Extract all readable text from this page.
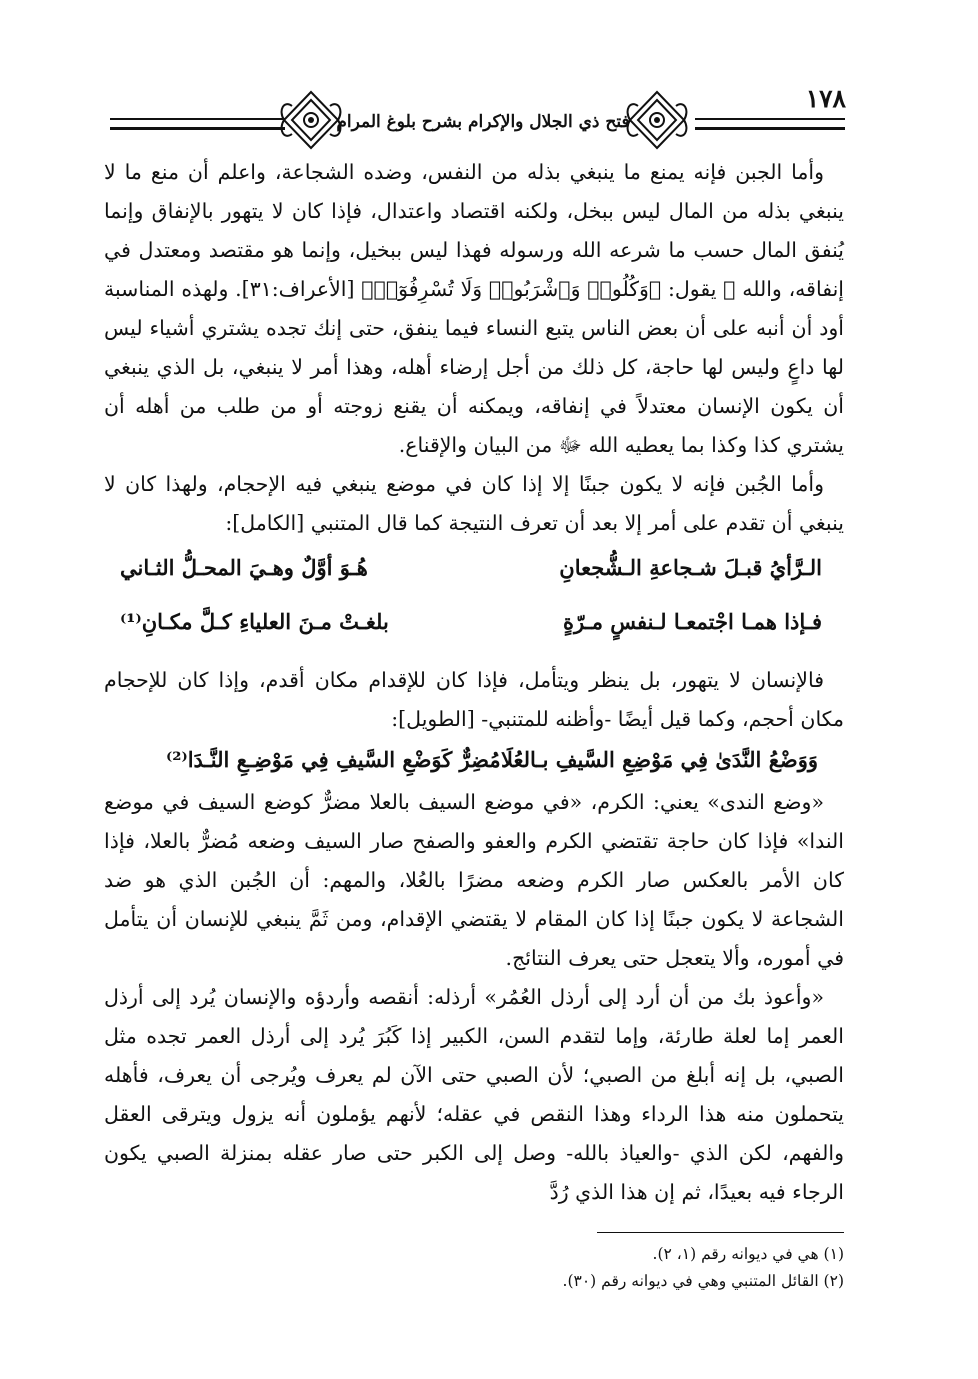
١٧٨
فتح ذي الجلال والإكرام بشرح بلوغ المرام

وأما الجبن فإنه يمنع ما ينبغي بذله من النفس، وضده الشجاعة، واعلم أن منع ما لا ينبغي بذله من المال ليس ببخل، ولكنه اقتصاد واعتدال، فإذا كان لا يتهور بالإنفاق وإنما يُنفق المال حسب ما شرعه الله ورسوله فهذا ليس ببخيل، وإنما هو مقتصد ومعتدل في إنفاقه، والله ﷻ يقول: ﴿وَكُلُوا۟ وَٱشْرَبُوا۟ وَلَا تُسْرِفُوٓا۟﴾ [الأعراف:٣١]. ولهذه المناسبة أود أن أنبه على أن بعض الناس يتبع النساء فيما ينفق، حتى إنك تجده يشتري أشياء ليس لها داعٍ وليس لها حاجة، كل ذلك من أجل إرضاء أهله، وهذا أمر لا ينبغي، بل الذي ينبغي أن يكون الإنسان معتدلاً في إنفاقه، ويمكنه أن يقنع زوجته أو من طلب من أهله أن يشتري كذا وكذا بما يعطيه الله ﷻ من البيان والإقناع.

وأما الجُبن فإنه لا يكون جبنًا إلا إذا كان في موضع ينبغي فيه الإحجام، ولهذا كان لا ينبغي أن تقدم على أمر إلا بعد أن تعرف النتيجة كما قال المتنبي [الكامل]:

الـرَّأيُ قبـلَ شـجاعةِ الـشُّجعانِ
هُـوَ أوَّلٌ وهـيَ المحـلُّ الثـاني
فـإذا همـا اجْتمعـا لـنفسٍ مـرّةٍ
بلغـتْ مـنَ العلياءِ كـلَّ مكـانِ⁽¹⁾

فالإنسان لا يتهور، بل ينظر ويتأمل، فإذا كان للإقدام مكان أقدم، وإذا كان للإحجام مكان أحجم، وكما قيل أيضًا -وأظنه للمتنبي- [الطويل]:

وَوَضْعُ النَّدَىٰ فِي مَوْضِعِ السَّيفِ بـالعُلَا
مُضِرٌّ كَوَضْعِ السَّيفِ فِي مَوْضِـعِ النَّـدَا⁽²⁾

«وضع الندى» يعني: الكرم، «في موضع السيف بالعلا مضرٌّ كوضع السيف في موضع الندا» فإذا كان حاجة تقتضي الكرم والعفو والصفح صار السيف وضعه مُضرٌّ بالعلا، فإذا كان الأمر بالعكس صار الكرم وضعه مضرًا بالعُلا، والمهم: أن الجُبن الذي هو ضد الشجاعة لا يكون جبنًا إذا كان المقام لا يقتضي الإقدام، ومن ثَمَّ ينبغي للإنسان أن يتأمل في أموره، وألا يتعجل حتى يعرف النتائج.

«وأعوذ بك من أن أرد إلى أرذل العُمُر» أرذله: أنقصه وأردؤه والإنسان يُرد إلى أرذل العمر إما لعلة طارئة، وإما لتقدم السن، الكبير إذا كَبُرَ يُرد إلى أرذل العمر تجده مثل الصبي، بل إنه أبلغ من الصبي؛ لأن الصبي حتى الآن لم يعرف ويُرجى أن يعرف، فأهله يتحملون منه هذا الرداء وهذا النقص في عقله؛ لأنهم يؤملون أنه يزول ويترقى العقل والفهم، لكن الذي -والعياذ بالله- وصل إلى الكبر حتى صار عقله بمنزلة الصبي يكون الرجاء فيه بعيدًا، ثم إن هذا الذي رُدَّ

(١) هي في ديوانه رقم (١، ٢).

(٢) القائل المتنبي وهي في ديوانه رقم (٣٠).
